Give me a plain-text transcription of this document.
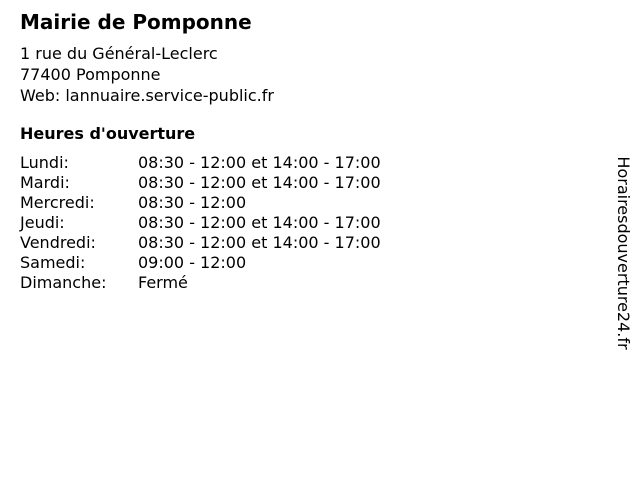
Mairie de Pomponne
1 rue du Général-Leclerc
77400 Pomponne
Web: lannuaire.service-public.fr
Heures d'ouverture
Lundi:	08:30 - 12:00 et 14:00 - 17:00
Mardi:	08:30 - 12:00 et 14:00 - 17:00
Mercredi:	08:30 - 12:00
Jeudi:	08:30 - 12:00 et 14:00 - 17:00
Vendredi:	08:30 - 12:00 et 14:00 - 17:00
Samedi:	09:00 - 12:00
Dimanche: Fermé	Horairesdouverture24.fr
